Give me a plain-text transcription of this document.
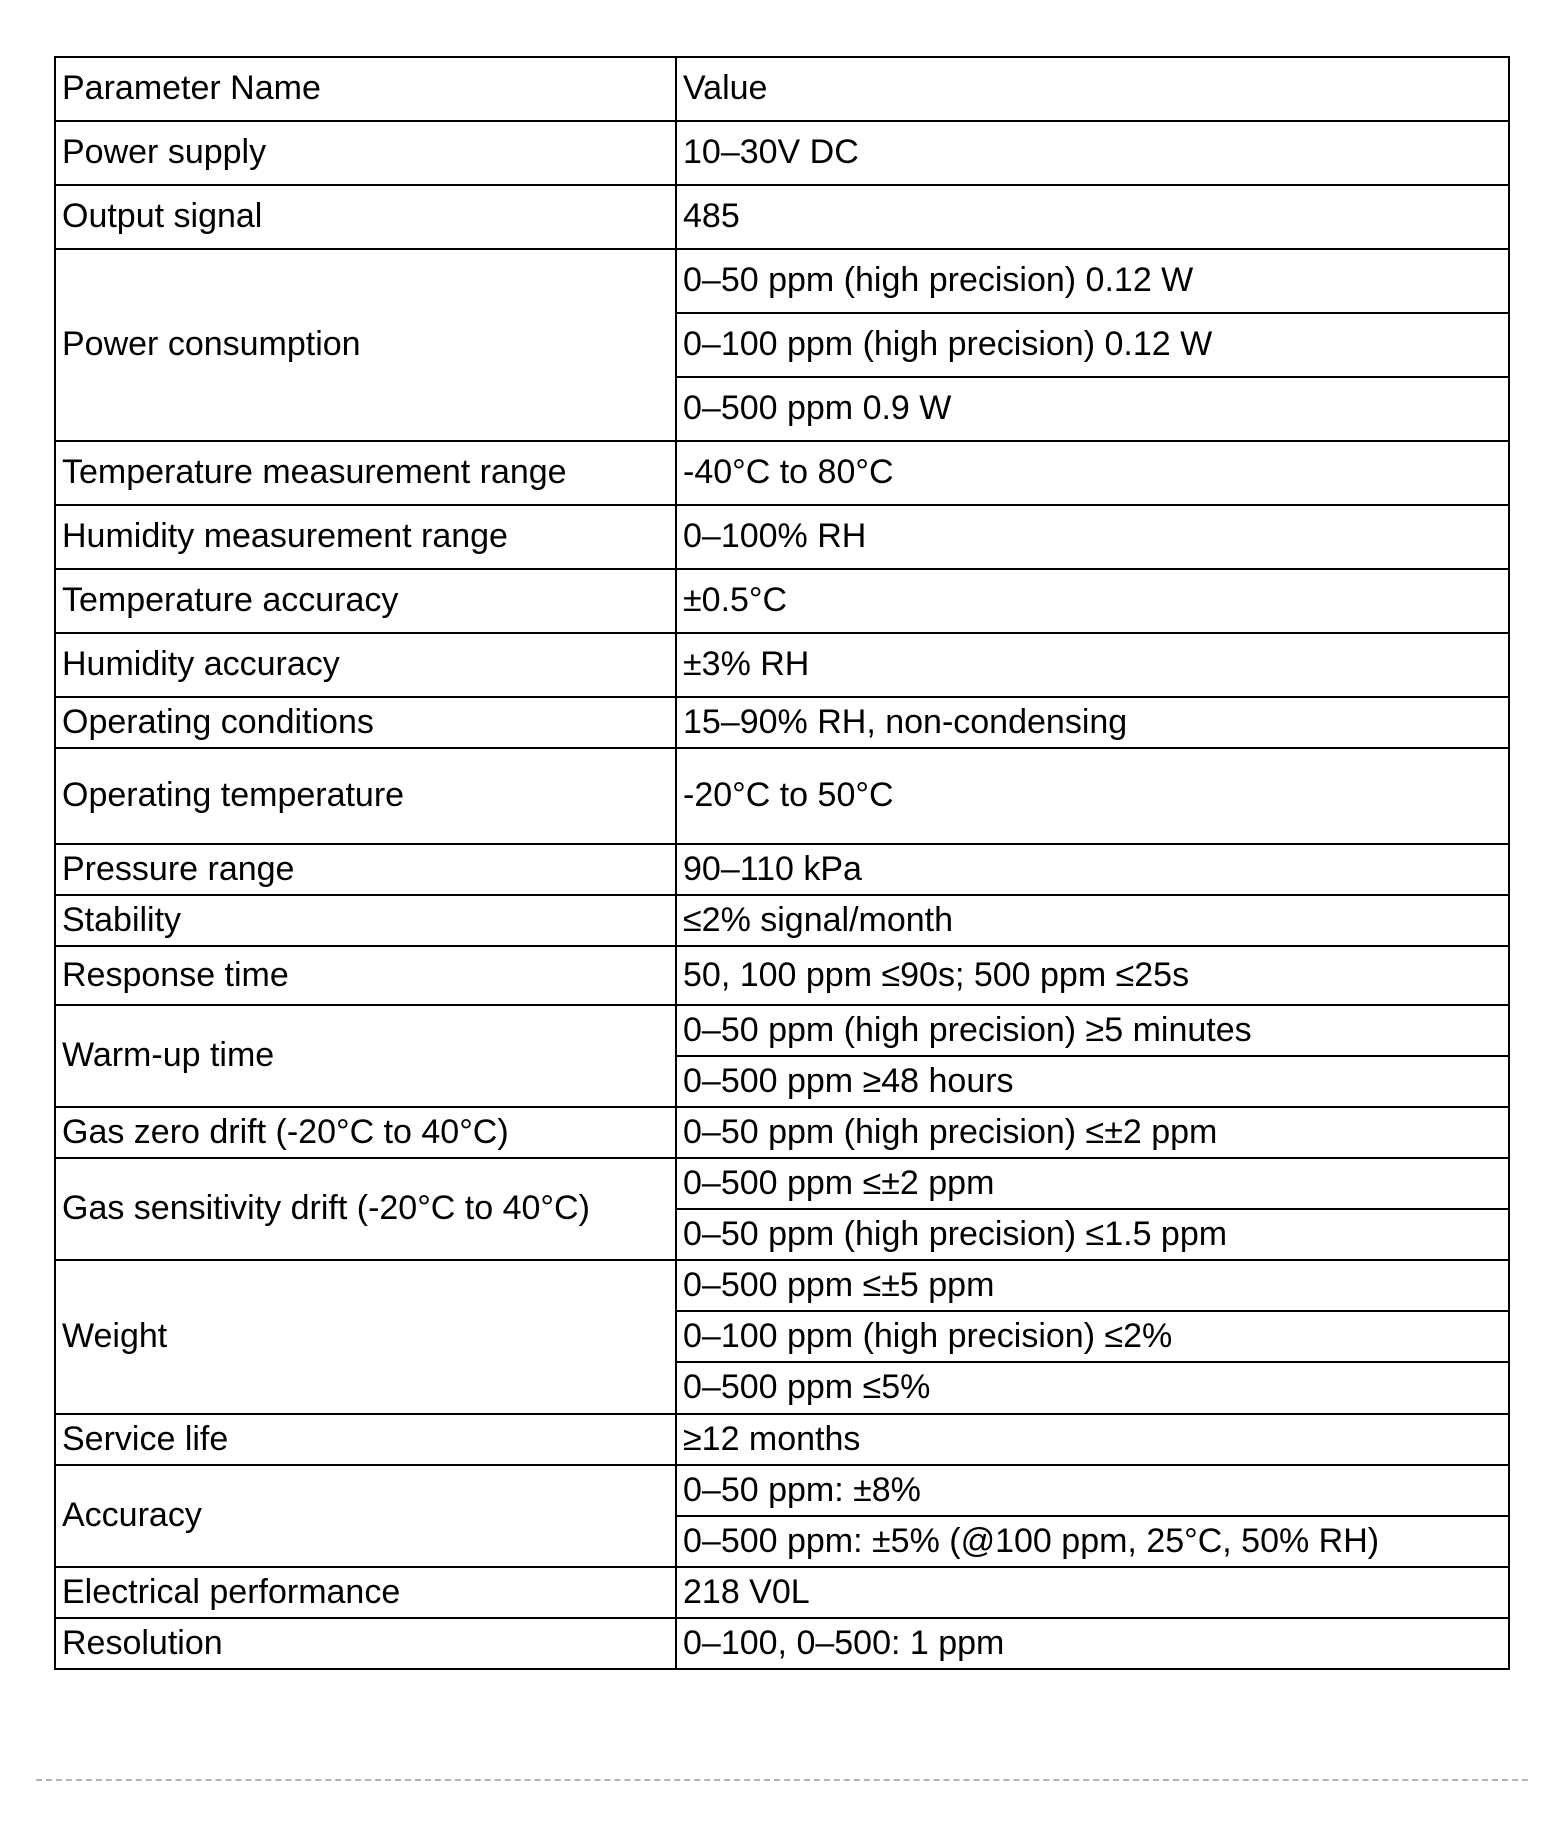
Parameter Name	Value
Power supply	10–30V DC
Output signal	485
Power consumption	0–50 ppm (high precision) 0.12 W
	0–100 ppm (high precision) 0.12 W
	0–500 ppm 0.9 W
Temperature measurement range	-40°C to 80°C
Humidity measurement range	0–100% RH
Temperature accuracy	±0.5°C
Humidity accuracy	±3% RH
Operating conditions	15–90% RH, non-condensing
Operating temperature	-20°C to 50°C
Pressure range	90–110 kPa
Stability	≤2% signal/month
Response time	50, 100 ppm ≤90s; 500 ppm ≤25s
Warm-up time	0–50 ppm (high precision) ≥5 minutes
	0–500 ppm ≥48 hours
Gas zero drift (-20°C to 40°C)	0–50 ppm (high precision) ≤±2 ppm
Gas sensitivity drift (-20°C to 40°C)	0–500 ppm ≤±2 ppm
	0–50 ppm (high precision) ≤1.5 ppm
Weight	0–500 ppm ≤±5 ppm
	0–100 ppm (high precision) ≤2%
	0–500 ppm ≤5%
Service life	≥12 months
Accuracy	0–50 ppm: ±8%
	0–500 ppm: ±5% (@100 ppm, 25°C, 50% RH)
Electrical performance	218 V0L
Resolution	0–100, 0–500: 1 ppm
